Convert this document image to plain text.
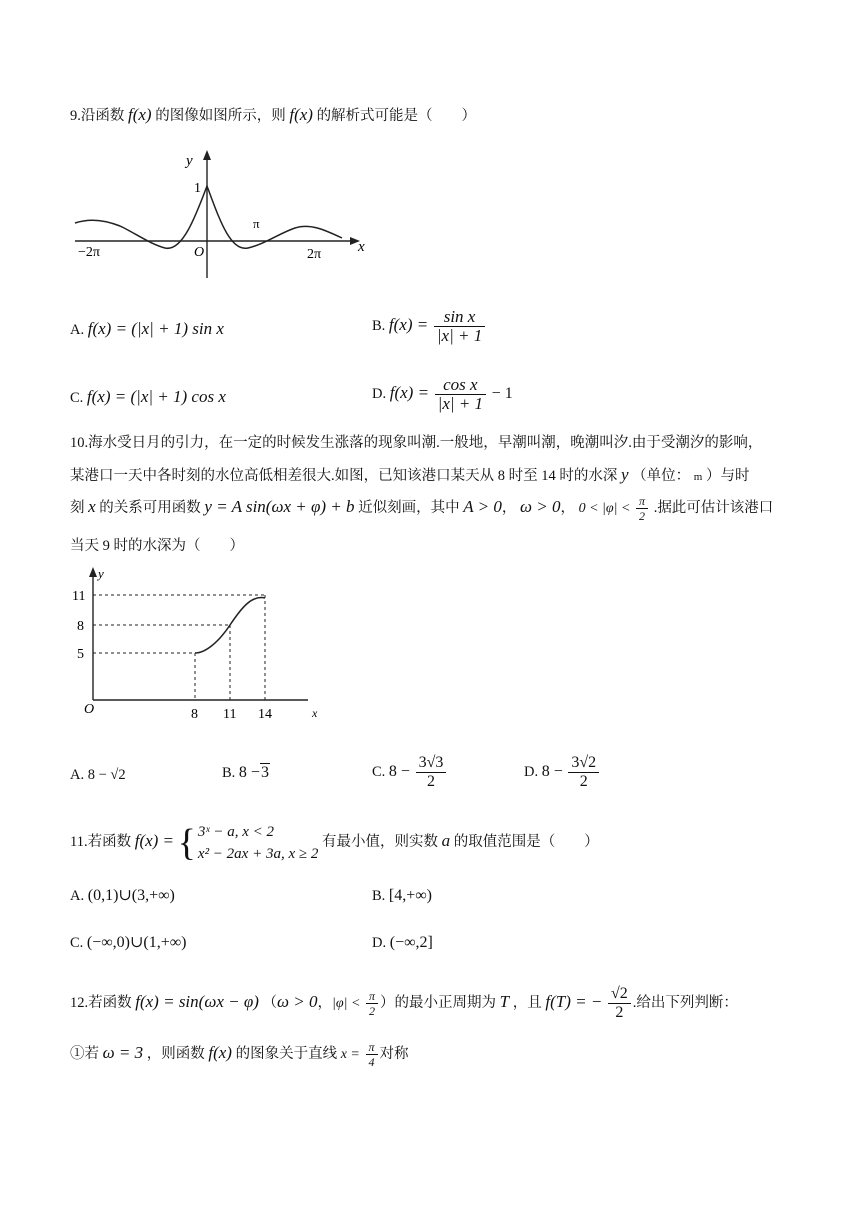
9.沿函数 f(x) 的图像如图所示，则 f(x) 的解析式可能是（　　）
y
1
O	x
−2π
π
2π
A. f(x) = (|x| + 1) sin x	B. $f(x) = \frac{\text{sin x}}{|x| + 1}$
C. f(x) = (|x| + 1) cos x	D. $f(x) = \frac{\text{cos x}}{|x| + 1} - 1$
10.海水受日月的引力，在一定的时候发生涨落的现象叫潮.一般地，早潮叫潮，晚潮叫汐.由于受潮汐的影响，
某港口一天中各时刻的水位高低相差很大.如图，已知该港口某天从 8 时至 14 时的水深 y （单位： m ）与时
刻 x 的关系可用函数 y = A sin(ωx + φ) + b 近似刻画，其中 A > 0， ω > 0， $0 < |\varphi| < \frac{\pi}{2}$ .据此可估计该港口
当天 9 时的水深为（　　）
y
11
8
5
O	8 11 14	x
A. 8 − √2	B. 8 −3	C. $8 - \frac{3√3}{2}$	D. $8 - \frac{3√2}{2}$
11.若函数 f(x) = { 3ˣ − a, x < 2
x² − 2ax + 3a, x ≥ 2
有最小值，则实数 a 的取值范围是（　　）
A. (0,1)∪(3,+∞)	B. [4,+∞)
C. (−∞,0)∪(1,+∞)	D. (−∞,2]
12.若函数 f(x) = sin(ωx − φ) （ω > 0，$|\varphi| < \frac{\pi}{2}$ ）的最小正周期为 T ，且 f(T) = − $\frac{√2}{2}$ .给出下列判断：
①若 ω = 3 ，则函数 f(x) 的图象关于直线 $x = \frac{\pi}{4}$ 对称
